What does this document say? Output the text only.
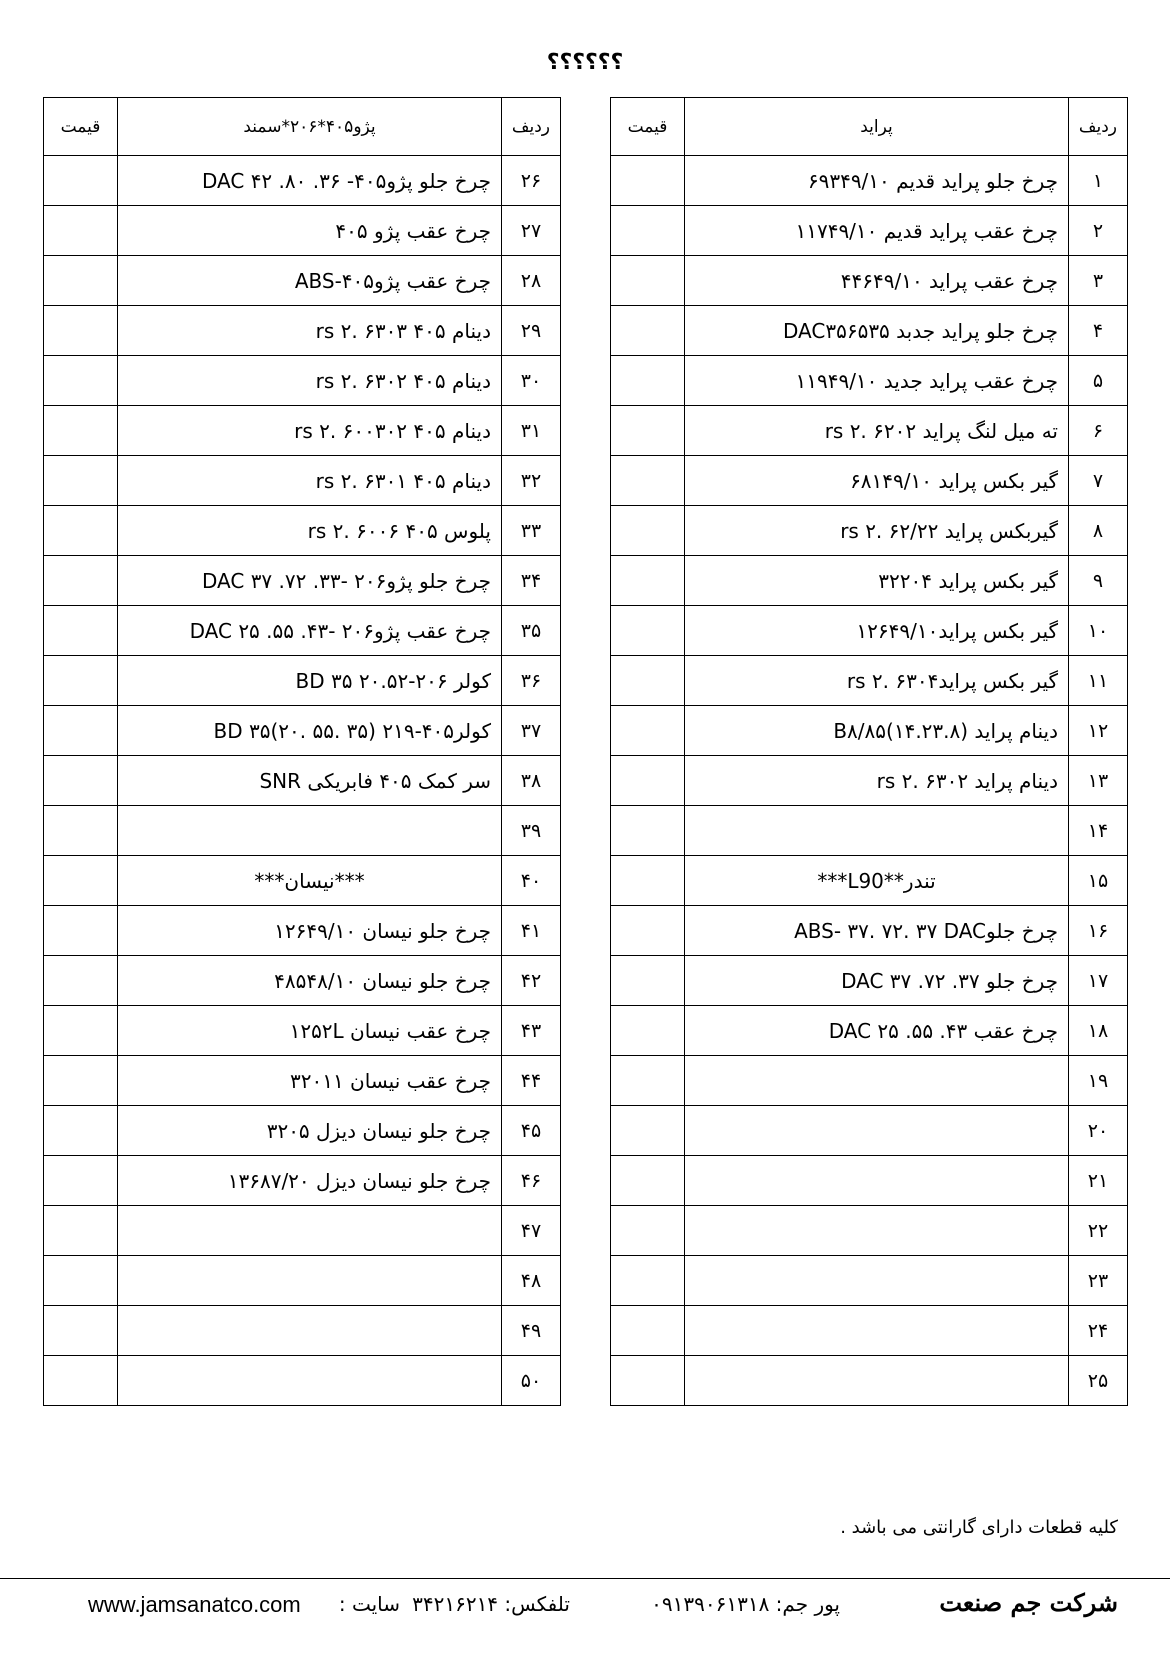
؟؟؟؟؟؟
ردیف	پژو۴۰۵*۲۰۶*سمند	قیمت
۲۶	چرخ جلو پژو۴۰۵- ۳۶. ۸۰. ۴۲ DAC	
۲۷	چرخ عقب پژو ۴۰۵	
۲۸	چرخ عقب پژو۴۰۵-ABS	
۲۹	دینام ۴۰۵ rs ۲. ۶۳۰۳	
۳۰	دینام ۴۰۵ rs ۲. ۶۳۰۲	
۳۱	دینام ۴۰۵ rs ۲. ۶۰۰۳۰۲	
۳۲	دینام ۴۰۵ rs ۲. ۶۳۰۱	
۳۳	پلوس ۴۰۵ rs ۲. ۶۰۰۶	
۳۴	چرخ جلو پژو۲۰۶ -۳۳. ۷۲. ۳۷ DAC	
۳۵	چرخ عقب پژو۲۰۶ -۴۳. ۵۵. ۲۵ DAC	
۳۶	کولر ۲۰۶-۲۰.۵۲ BD ۳۵	
۳۷	کولر۴۰۵-۲۱۹ BD ۳۵(۲۰. ۵۵. ۳۵)	
۳۸	سر کمک ۴۰۵ فابریکی SNR	
۳۹		
۴۰	***نیسان***	
۴۱	چرخ جلو نیسان ۱۲۶۴۹/۱۰	
۴۲	چرخ جلو نیسان ۴۸۵۴۸/۱۰	
۴۳	چرخ عقب نیسان ۱۲۵۲L	
۴۴	چرخ عقب نیسان ۳۲۰۱۱	
۴۵	چرخ جلو نیسان دیزل ۳۲۰۵	
۴۶	چرخ جلو نیسان دیزل ۱۳۶۸۷/۲۰	
۴۷		
۴۸		
۴۹		
۵۰		
ردیف	پراید	قیمت
۱	چرخ جلو پراید قدیم ۶۹۳۴۹/۱۰	
۲	چرخ عقب پراید قدیم ۱۱۷۴۹/۱۰	
۳	چرخ عقب پراید ۴۴۶۴۹/۱۰	
۴	چرخ جلو پراید جدبد DAC۳۵۶۵۳۵	
۵	چرخ عقب پراید جدید ۱۱۹۴۹/۱۰	
۶	ته میل لنگ پراید rs ۲. ۶۲۰۲	
۷	گیر بکس پراید ۶۸۱۴۹/۱۰	
۸	گیربکس پراید rs ۲. ۶۲/۲۲	
۹	گیر بکس پراید ۳۲۲۰۴	
۱۰	گیر بکس پراید۱۲۶۴۹/۱۰	
۱۱	گیر بکس پرایدrs ۲. ۶۳۰۴	
۱۲	دینام پراید (۱۴.۲۳.۸)B۸/۸۵	
۱۳	دینام پراید rs ۲. ۶۳۰۲	
۱۴		
۱۵	تندر**L90***	
۱۶	چرخ جلوABS- ۳۷. ۷۲. ۳۷ DAC	
۱۷	چرخ جلو ۳۷. ۷۲. ۳۷ DAC	
۱۸	چرخ عقب ۴۳. ۵۵. ۲۵ DAC	
۱۹		
۲۰		
۲۱		
۲۲		
۲۳		
۲۴		
۲۵		
کلیه قطعات دارای گارانتی می باشد .
شرکت جم صنعت
پور جم: ۰۹۱۳۹۰۶۱۳۱۸
تلفکس: ۳۴۲۱۶۲۱۴
سایت :
www.jamsanatco.com
